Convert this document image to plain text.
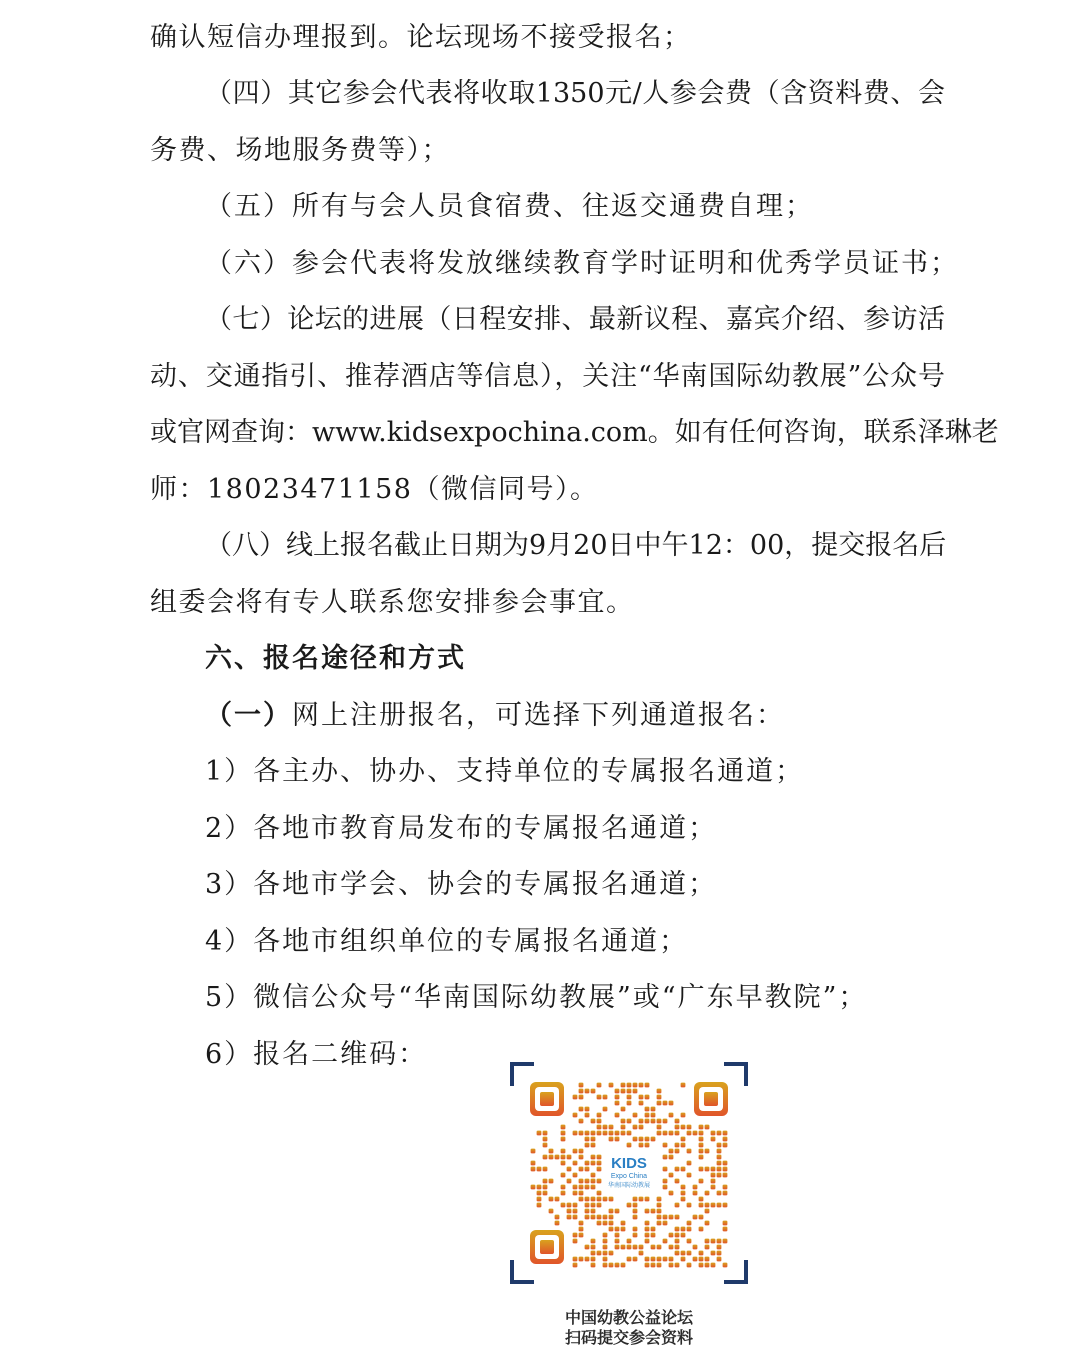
确认短信办理报到。论坛现场不接受报名；
（四）其它参会代表将收取1350元/人参会费（含资料费、会
务费、场地服务费等）；
（五）所有与会人员食宿费、往返交通费自理；
（六）参会代表将发放继续教育学时证明和优秀学员证书；
（七）论坛的进展（日程安排、最新议程、嘉宾介绍、参访活
动、交通指引、推荐酒店等信息），关注“华南国际幼教展”公众号
或官网查询：www.kidsexpochina.com。如有任何咨询，联系泽琳老
师：18023471158（微信同号）。
（八）线上报名截止日期为9月20日中午12：00，提交报名后
组委会将有专人联系您安排参会事宜。
六、报名途径和方式
（一）网上注册报名，可选择下列通道报名：
1）各主办、协办、支持单位的专属报名通道；
2）各地市教育局发布的专属报名通道；
3）各地市学会、协会的专属报名通道；
4）各地市组织单位的专属报名通道；
5）微信公众号“华南国际幼教展”或“广东早教院”；
6）报名二维码：
KIDS
Expo China
华南国际幼教展
中国幼教公益论坛
扫码提交参会资料
